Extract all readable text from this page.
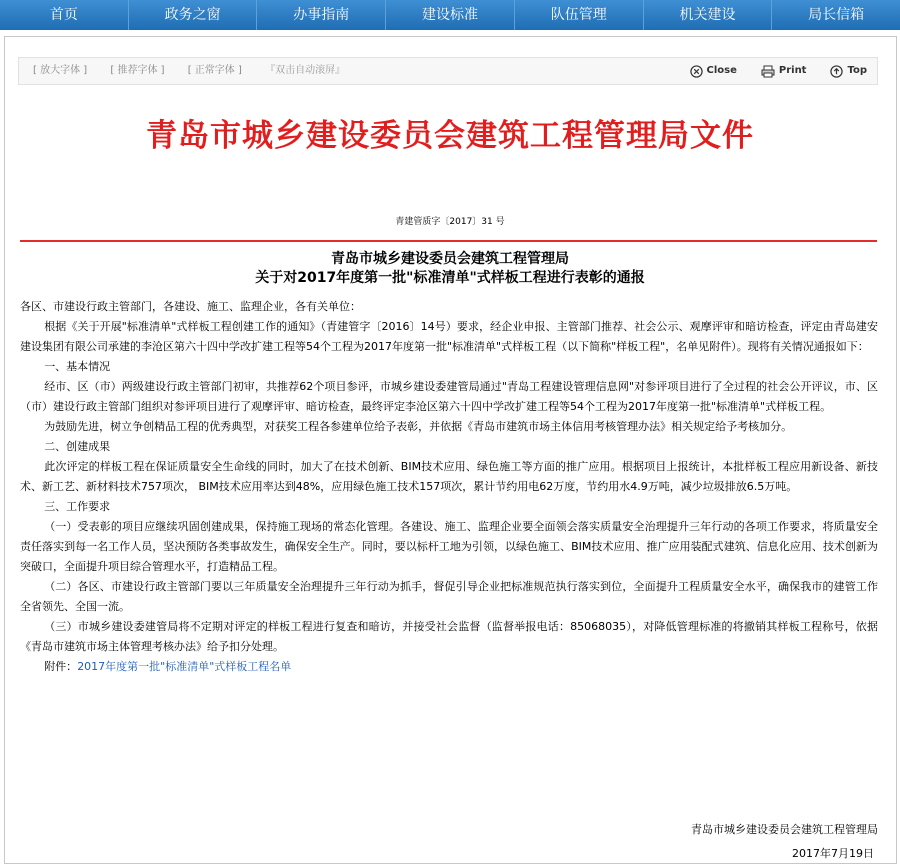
首页	政务之窗	办事指南	建设标准	队伍管理	机关建设	局长信箱
[ 放大字体 ] [ 推荐字体 ] [ 正常字体 ] 『双击自动滚屏』	Close	Print	Top
青岛市城乡建设委员会建筑工程管理局文件
青建管质字〔2017〕31 号
青岛市城乡建设委员会建筑工程管理局
关于对2017年度第一批"标准清单"式样板工程进行表彰的通报

各区、市建设行政主管部门，各建设、施工、监理企业，各有关单位：

根据《关于开展"标准清单"式样板工程创建工作的通知》（青建管字〔2016〕14号）要求，经企业申报、主管部门推荐、社会公示、观摩评审和暗访检查，评定由青岛建安建设集团有限公司承建的李沧区第六十四中学改扩建工程等54个工程为2017年度第一批"标准清单"式样板工程（以下简称"样板工程"，名单见附件）。现将有关情况通报如下：

一、基本情况

经市、区（市）两级建设行政主管部门初审，共推荐62个项目参评，市城乡建设委建管局通过"青岛工程建设管理信息网"对参评项目进行了全过程的社会公开评议，市、区（市）建设行政主管部门组织对参评项目进行了观摩评审、暗访检查，最终评定李沧区第六十四中学改扩建工程等54个工程为2017年度第一批"标准清单"式样板工程。

为鼓励先进，树立争创精品工程的优秀典型，对获奖工程各参建单位给予表彰，并依据《青岛市建筑市场主体信用考核管理办法》相关规定给予考核加分。

二、创建成果

此次评定的样板工程在保证质量安全生命线的同时，加大了在技术创新、BIM技术应用、绿色施工等方面的推广应用。根据项目上报统计，本批样板工程应用新设备、新技术、新工艺、新材料技术757项次， BIM技术应用率达到48%，应用绿色施工技术157项次，累计节约用电62万度，节约用水4.9万吨，减少垃圾排放6.5万吨。

三、工作要求

（一）受表彰的项目应继续巩固创建成果，保持施工现场的常态化管理。各建设、施工、监理企业要全面领会落实质量安全治理提升三年行动的各项工作要求，将质量安全责任落实到每一名工作人员，坚决预防各类事故发生，确保安全生产。同时，要以标杆工地为引领，以绿色施工、BIM技术应用、推广应用装配式建筑、信息化应用、技术创新为突破口，全面提升项目综合管理水平，打造精品工程。

（二）各区、市建设行政主管部门要以三年质量安全治理提升三年行动为抓手，督促引导企业把标准规范执行落实到位，全面提升工程质量安全水平，确保我市的建管工作全省领先、全国一流。

（三）市城乡建设委建管局将不定期对评定的样板工程进行复查和暗访，并接受社会监督（监督举报电话：85068035），对降低管理标准的将撤销其样板工程称号，依据《青岛市建筑市场主体管理考核办法》给予扣分处理。

附件：2017年度第一批"标准清单"式样板工程名单

青岛市城乡建设委员会建筑工程管理局
2017年7月19日
